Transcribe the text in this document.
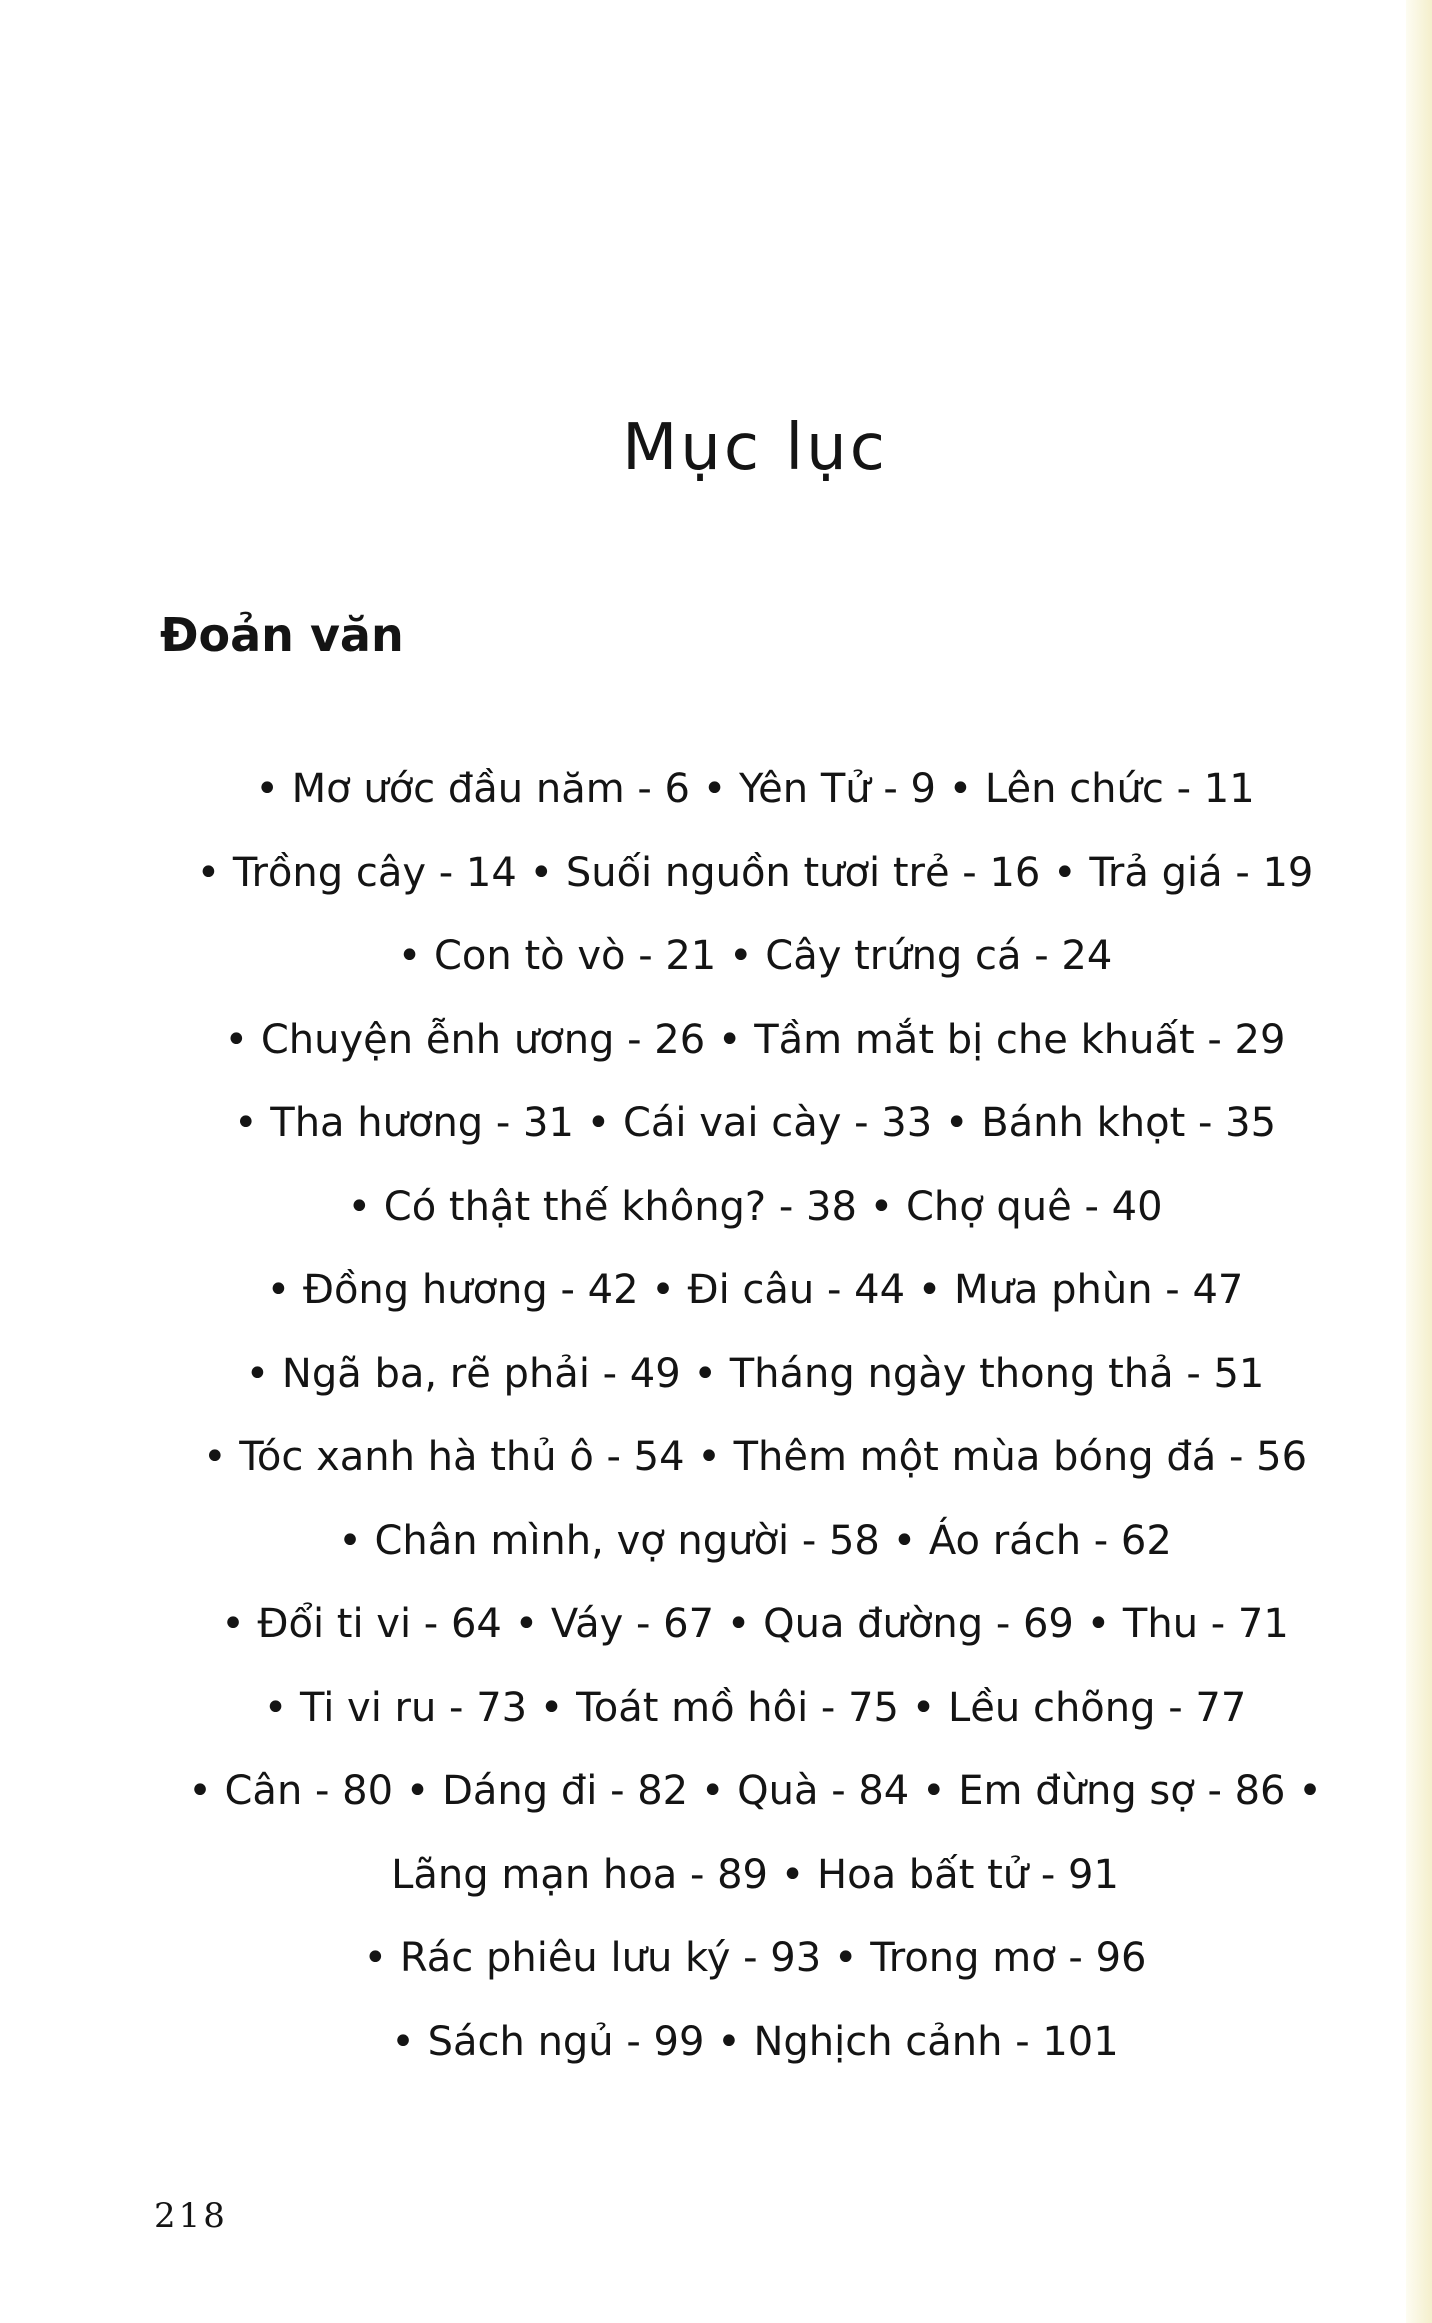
Mục lục
Đoản văn
• Mơ ước đầu năm - 6 • Yên Tử - 9 • Lên chức - 11
• Trồng cây - 14 • Suối nguồn tươi trẻ - 16 • Trả giá - 19
• Con tò vò - 21 • Cây trứng cá - 24
• Chuyện ễnh ương - 26 • Tầm mắt bị che khuất - 29
• Tha hương - 31 • Cái vai cày - 33 • Bánh khọt - 35
• Có thật thế không? - 38 • Chợ quê - 40
• Đồng hương - 42 • Đi câu - 44 • Mưa phùn - 47
• Ngã ba, rẽ phải - 49 • Tháng ngày thong thả - 51
• Tóc xanh hà thủ ô - 54 • Thêm một mùa bóng đá - 56
• Chân mình, vợ người - 58 • Áo rách - 62
• Đổi ti vi - 64 • Váy - 67 • Qua đường - 69 • Thu - 71
• Ti vi ru - 73 • Toát mồ hôi - 75 • Lều chõng - 77
• Cân - 80 • Dáng đi - 82 • Quà - 84 • Em đừng sợ - 86 •
Lãng mạn hoa - 89 • Hoa bất tử - 91
• Rác phiêu lưu ký - 93 • Trong mơ - 96
• Sách ngủ - 99 • Nghịch cảnh - 101
218
